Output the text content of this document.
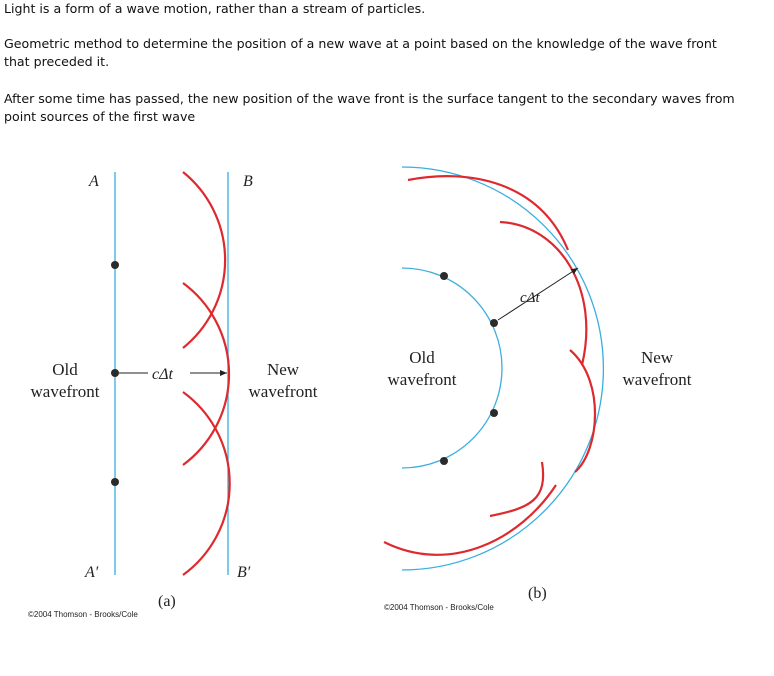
Light is a form of a wave motion, rather than a stream of particles.

Geometric method to determine the position of a new wave at a point based on the knowledge of the wave front that preceded it.

After some time has passed, the new position of the wave front is the surface tangent to the secondary waves from point sources of the first wave

cΔt
A	B
A′	B′
Old
wavefront
New
wavefront
(a)
©2004 Thomson - Brooks/Cole
cΔt
Old
wavefront
New
wavefront
(b)
©2004 Thomson - Brooks/Cole
